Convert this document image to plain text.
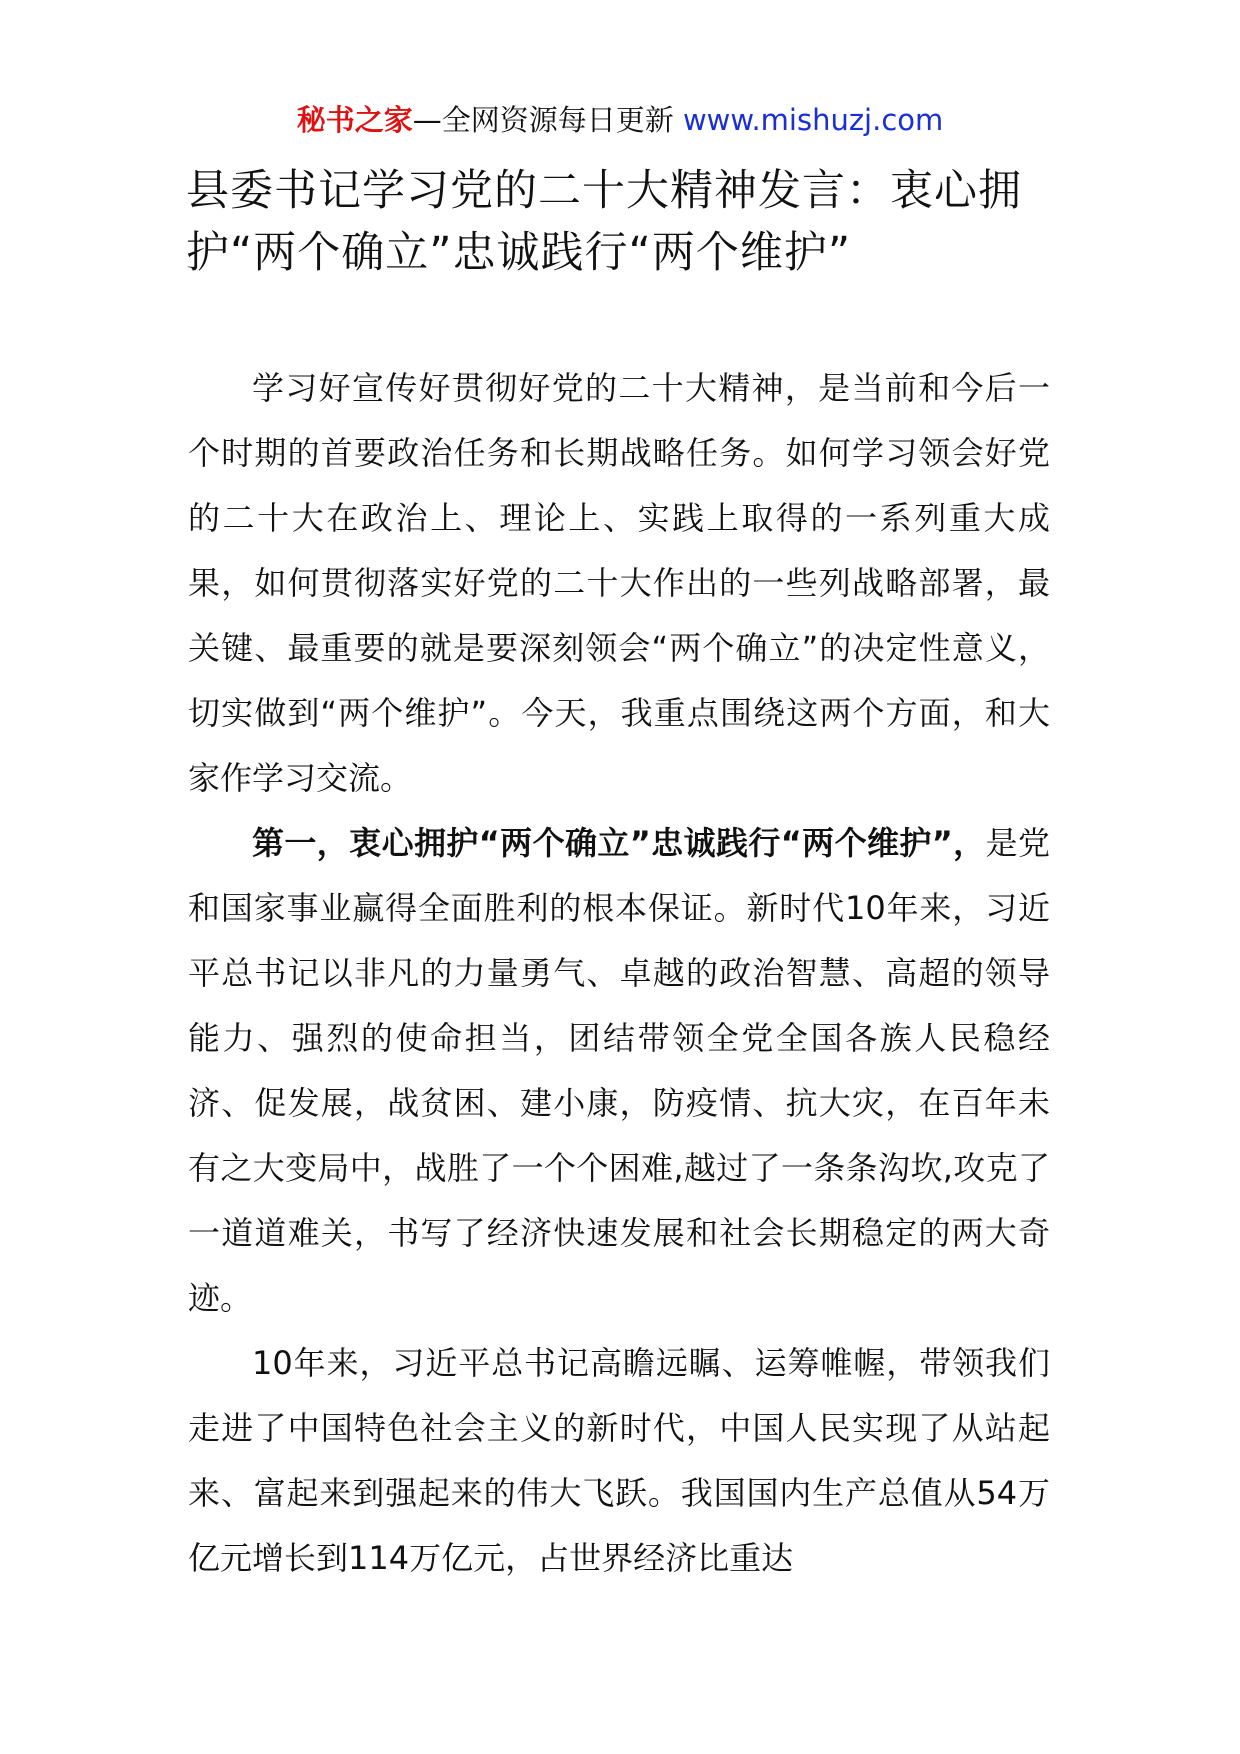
秘书之家—全网资源每日更新 www.mishuzj.com
县委书记学习党的二十大精神发言：衷心拥护“两个确立”忠诚践行“两个维护”

学习好宣传好贯彻好党的二十大精神，是当前和今后一个时期的首要政治任务和长期战略任务。如何学习领会好党的二十大在政治上、理论上、实践上取得的一系列重大成果，如何贯彻落实好党的二十大作出的一些列战略部署，最关键、最重要的就是要深刻领会“两个确立”的决定性意义，切实做到“两个维护”。今天，我重点围绕这两个方面，和大家作学习交流。

第一，衷心拥护“两个确立”忠诚践行“两个维护”，是党和国家事业赢得全面胜利的根本保证。新时代10年来，习近平总书记以非凡的力量勇气、卓越的政治智慧、高超的领导能力、强烈的使命担当，团结带领全党全国各族人民稳经济、促发展，战贫困、建小康，防疫情、抗大灾，在百年未有之大变局中，战胜了一个个困难,越过了一条条沟坎,攻克了一道道难关，书写了经济快速发展和社会长期稳定的两大奇迹。

10年来，习近平总书记高瞻远瞩、运筹帷幄，带领我们走进了中国特色社会主义的新时代，中国人民实现了从站起来、富起来到强起来的伟大飞跃。我国国内生产总值从54万亿元增长到114万亿元，占世界经济比重达
